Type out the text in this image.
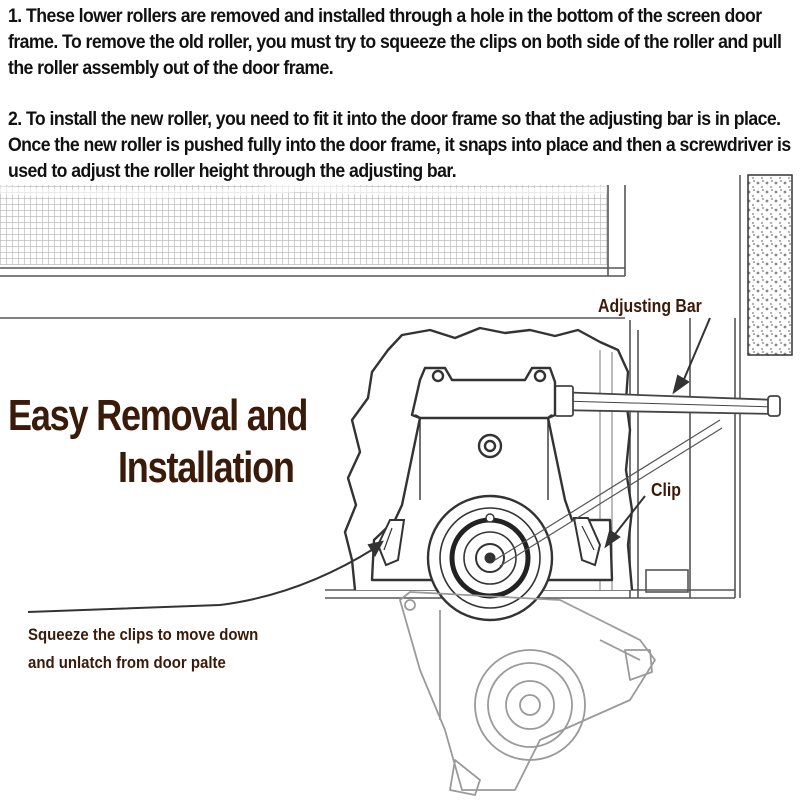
1. These lower rollers are removed and installed through a hole in the bottom of the screen door frame. To remove the old roller, you must try to squeeze the clips on both side of the roller and pull the roller assembly out of the door frame.
2. To install the new roller, you need to fit it into the door frame so that the adjusting bar is in place. Once the new roller is pushed fully into the door frame, it snaps into place and then a screwdriver is used to adjust the roller height through the adjusting bar.
Easy Removal and
Installation
Adjusting Bar
Clip
Squeeze the clips to move down
and unlatch from door palte
